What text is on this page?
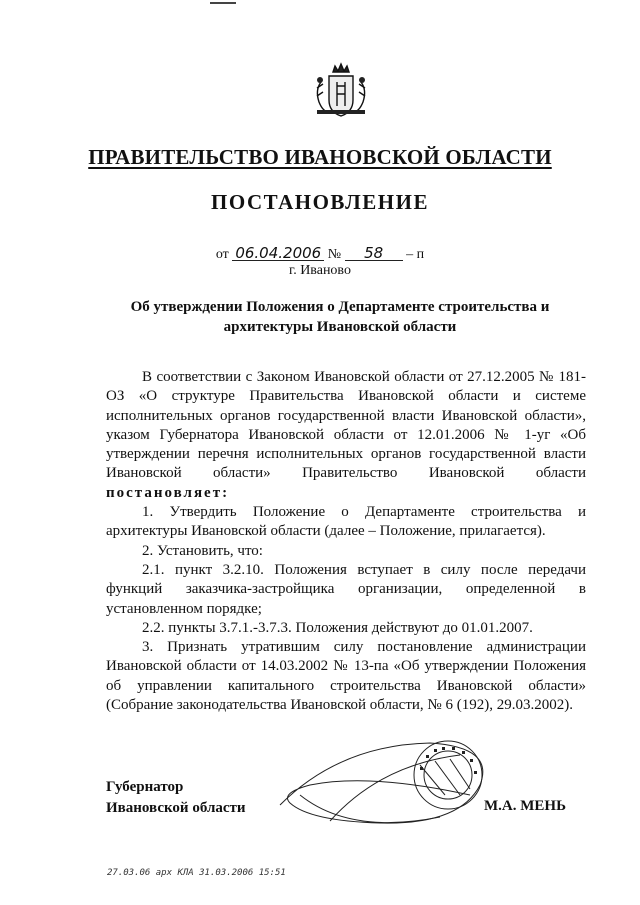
ПРАВИТЕЛЬСТВО ИВАНОВСКОЙ ОБЛАСТИ
ПОСТАНОВЛЕНИЕ
от 06.04.2006 № 58 – п
г. Иваново
Об утверждении Положения о Департаменте строительства и
архитектуры Ивановской области

В соответствии с Законом Ивановской области от 27.12.2005 № 181-ОЗ «О структуре Правительства Ивановской области и системе исполнительных органов государственной власти Ивановской области», указом Губернатора Ивановской области от 12.01.2006 № 1-уг «Об утверждении перечня исполнительных органов государственной власти Ивановской области» Правительство Ивановской области постановляет:

1. Утвердить Положение о Департаменте строительства и архитектуры Ивановской области (далее – Положение, прилагается).

2. Установить, что:

2.1. пункт 3.2.10. Положения вступает в силу после передачи функций заказчика-застройщика организации, определенной в установленном порядке;

2.2. пункты 3.7.1.-3.7.3. Положения действуют до 01.01.2007.

3. Признать утратившим силу постановление администрации Ивановской области от 14.03.2002 № 13-па «Об утверждении Положения об управлении капитального строительства Ивановской области» (Собрание законодательства Ивановской области, № 6 (192), 29.03.2002).

Губернатор
Ивановской области	М.А. МЕНЬ
27.03.06 арх КЛА 31.03.2006 15:51
